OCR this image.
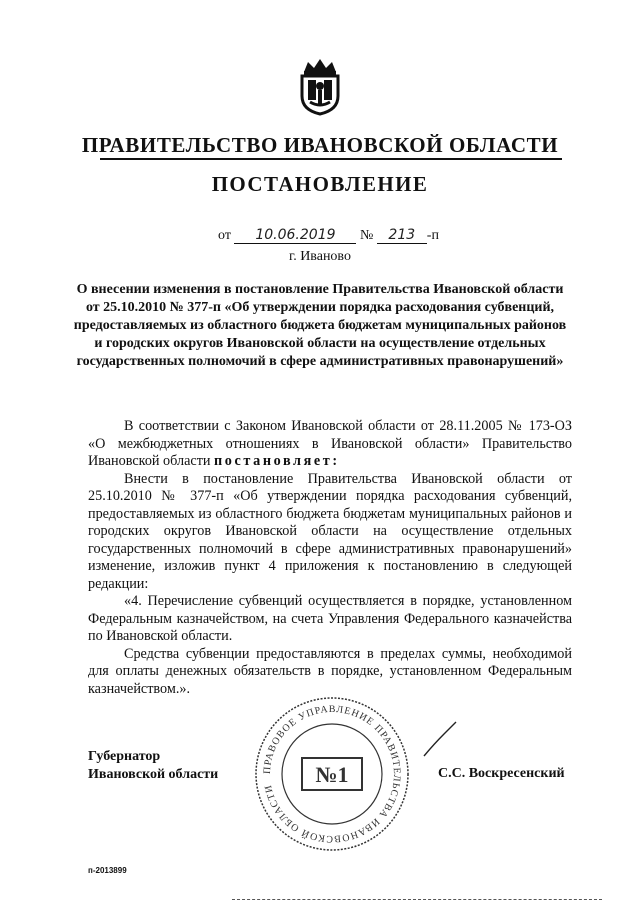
ПРАВИТЕЛЬСТВО ИВАНОВСКОЙ ОБЛАСТИ
ПОСТАНОВЛЕНИЕ
от 10.06.2019 № 213 -п
г. Иваново
О внесении изменения в постановление Правительства Ивановской области от 25.10.2010 № 377-п «Об утверждении порядка расходования субвенций, предоставляемых из областного бюджета бюджетам муниципальных районов и городских округов Ивановской области на осуществление отдельных государственных полномочий в сфере административных правонарушений»

В соответствии с Законом Ивановской области от 28.11.2005 № 173-ОЗ «О межбюджетных отношениях в Ивановской области» Правительство Ивановской области постановляет:

Внести в постановление Правительства Ивановской области от 25.10.2010 № 377-п «Об утверждении порядка расходования субвенций, предоставляемых из областного бюджета бюджетам муниципальных районов и городских округов Ивановской области на осуществление отдельных государственных полномочий в сфере административных правонарушений» изменение, изложив пункт 4 приложения к постановлению в следующей редакции:

«4. Перечисление субвенций осуществляется в порядке, установленном Федеральным казначейством, на счета Управления Федерального казначейства по Ивановской области.

Средства субвенции предоставляются в пределах суммы, необходимой для оплаты денежных обязательств в порядке, установленном Федеральным казначейством.».

ПРАВОВОЕ УПРАВЛЕНИЕ ПРАВИТЕЛЬСТВА ИВАНОВСКОЙ ОБЛАСТИ
№1
Губернатор
Ивановской области	С.С. Воскресенский
п-2013899
